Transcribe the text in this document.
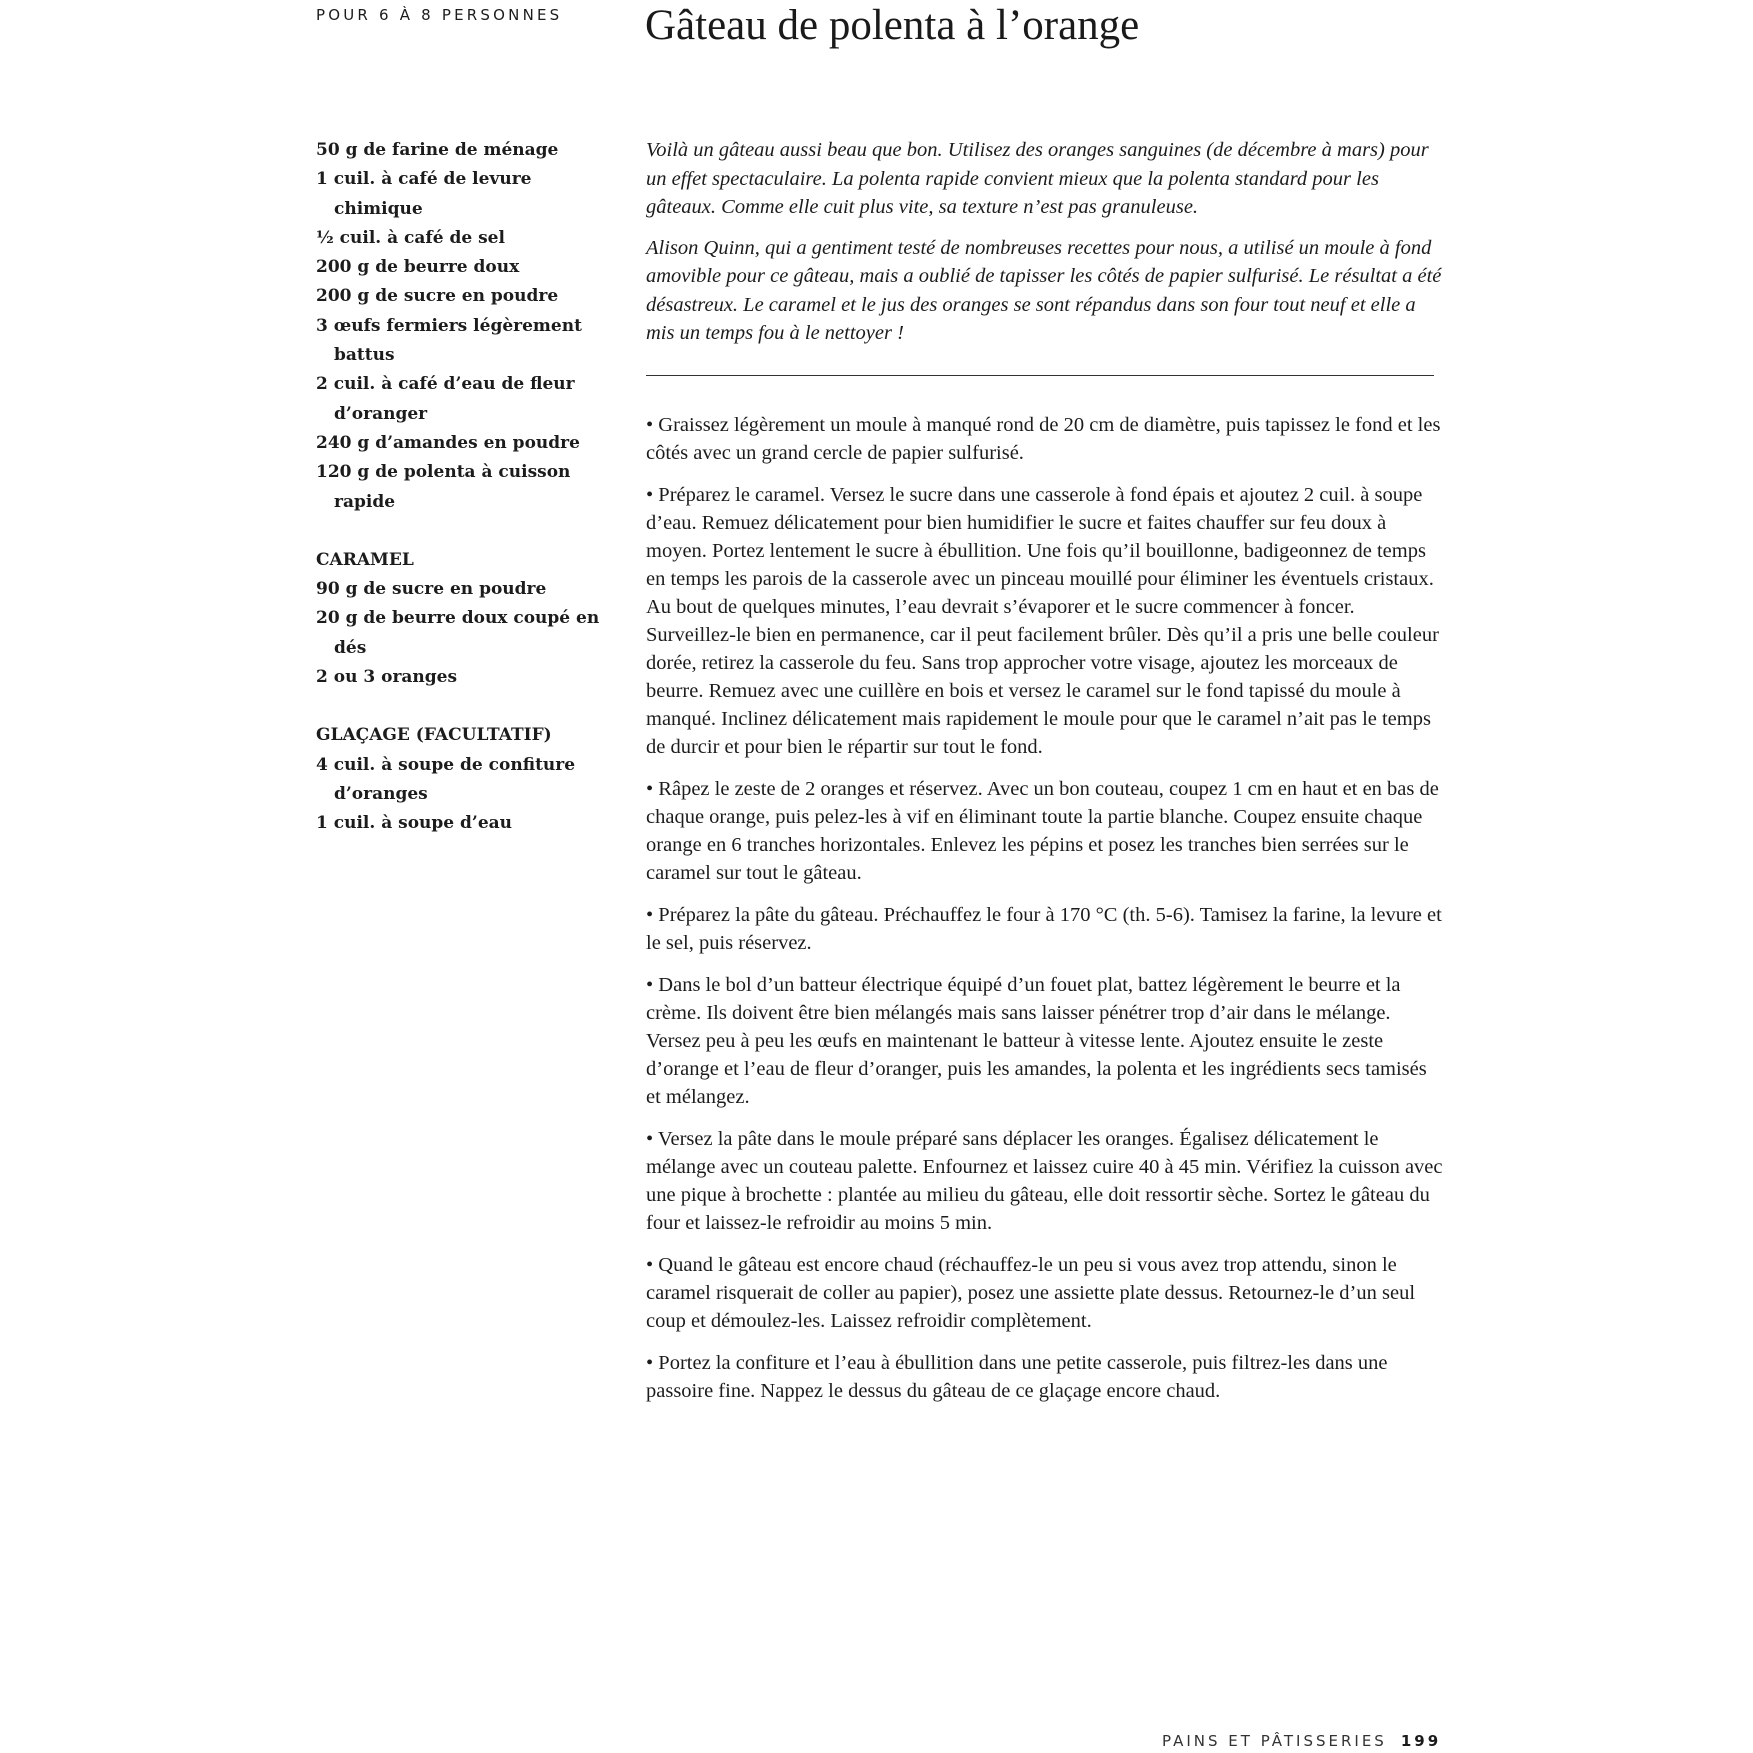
POUR 6 À 8 PERSONNES Gâteau de polenta à l’orange
50 g de farine de ménage
1 cuil. à café de levure chimique
½ cuil. à café de sel
200 g de beurre doux
200 g de sucre en poudre
3 œufs fermiers légèrement battus
2 cuil. à café d’eau de fleur d’oranger
240 g d’amandes en poudre
120 g de polenta à cuisson rapide
CARAMEL
90 g de sucre en poudre
20 g de beurre doux coupé en dés
2 ou 3 oranges
GLAÇAGE (FACULTATIF)
4 cuil. à soupe de confiture d’oranges
1 cuil. à soupe d’eau

Voilà un gâteau aussi beau que bon. Utilisez des oranges sanguines (de décembre à mars) pour un effet spectaculaire. La polenta rapide convient mieux que la polenta standard pour les gâteaux. Comme elle cuit plus vite, sa texture n’est pas granuleuse.

Alison Quinn, qui a gentiment testé de nombreuses recettes pour nous, a utilisé un moule à fond amovible pour ce gâteau, mais a oublié de tapisser les côtés de papier sulfurisé. Le résultat a été désastreux. Le caramel et le jus des oranges se sont répandus dans son four tout neuf et elle a mis un temps fou à le nettoyer !

• Graissez légèrement un moule à manqué rond de 20 cm de diamètre, puis tapissez le fond et les côtés avec un grand cercle de papier sulfurisé.

• Préparez le caramel. Versez le sucre dans une casserole à fond épais et ajoutez 2 cuil. à soupe d’eau. Remuez délicatement pour bien humidifier le sucre et faites chauffer sur feu doux à moyen. Portez lentement le sucre à ébullition. Une fois qu’il bouillonne, badigeonnez de temps en temps les parois de la casserole avec un pinceau mouillé pour éliminer les éventuels cristaux. Au bout de quelques minutes, l’eau devrait s’évaporer et le sucre commencer à foncer. Surveillez-le bien en permanence, car il peut facilement brûler. Dès qu’il a pris une belle couleur dorée, retirez la casserole du feu. Sans trop approcher votre visage, ajoutez les morceaux de beurre. Remuez avec une cuillère en bois et versez le caramel sur le fond tapissé du moule à manqué. Inclinez délicatement mais rapidement le moule pour que le caramel n’ait pas le temps de durcir et pour bien le répartir sur tout le fond.

• Râpez le zeste de 2 oranges et réservez. Avec un bon couteau, coupez 1 cm en haut et en bas de chaque orange, puis pelez-les à vif en éliminant toute la partie blanche. Coupez ensuite chaque orange en 6 tranches horizontales. Enlevez les pépins et posez les tranches bien serrées sur le caramel sur tout le gâteau.

• Préparez la pâte du gâteau. Préchauffez le four à 170 °C (th. 5-6). Tamisez la farine, la levure et le sel, puis réservez.

• Dans le bol d’un batteur électrique équipé d’un fouet plat, battez légèrement le beurre et la crème. Ils doivent être bien mélangés mais sans laisser pénétrer trop d’air dans le mélange. Versez peu à peu les œufs en maintenant le batteur à vitesse lente. Ajoutez ensuite le zeste d’orange et l’eau de fleur d’oranger, puis les amandes, la polenta et les ingrédients secs tamisés et mélangez.

• Versez la pâte dans le moule préparé sans déplacer les oranges. Égalisez délicatement le mélange avec un couteau palette. Enfournez et laissez cuire 40 à 45 min. Vérifiez la cuisson avec une pique à brochette : plantée au milieu du gâteau, elle doit ressortir sèche. Sortez le gâteau du four et laissez-le refroidir au moins 5 min.

• Quand le gâteau est encore chaud (réchauffez-le un peu si vous avez trop attendu, sinon le caramel risquerait de coller au papier), posez une assiette plate dessus. Retournez-le d’un seul coup et démoulez-les. Laissez refroidir complètement.

• Portez la confiture et l’eau à ébullition dans une petite casserole, puis filtrez-les dans une passoire fine. Nappez le dessus du gâteau de ce glaçage encore chaud.

PAINS ET PÂTISSERIES 199
